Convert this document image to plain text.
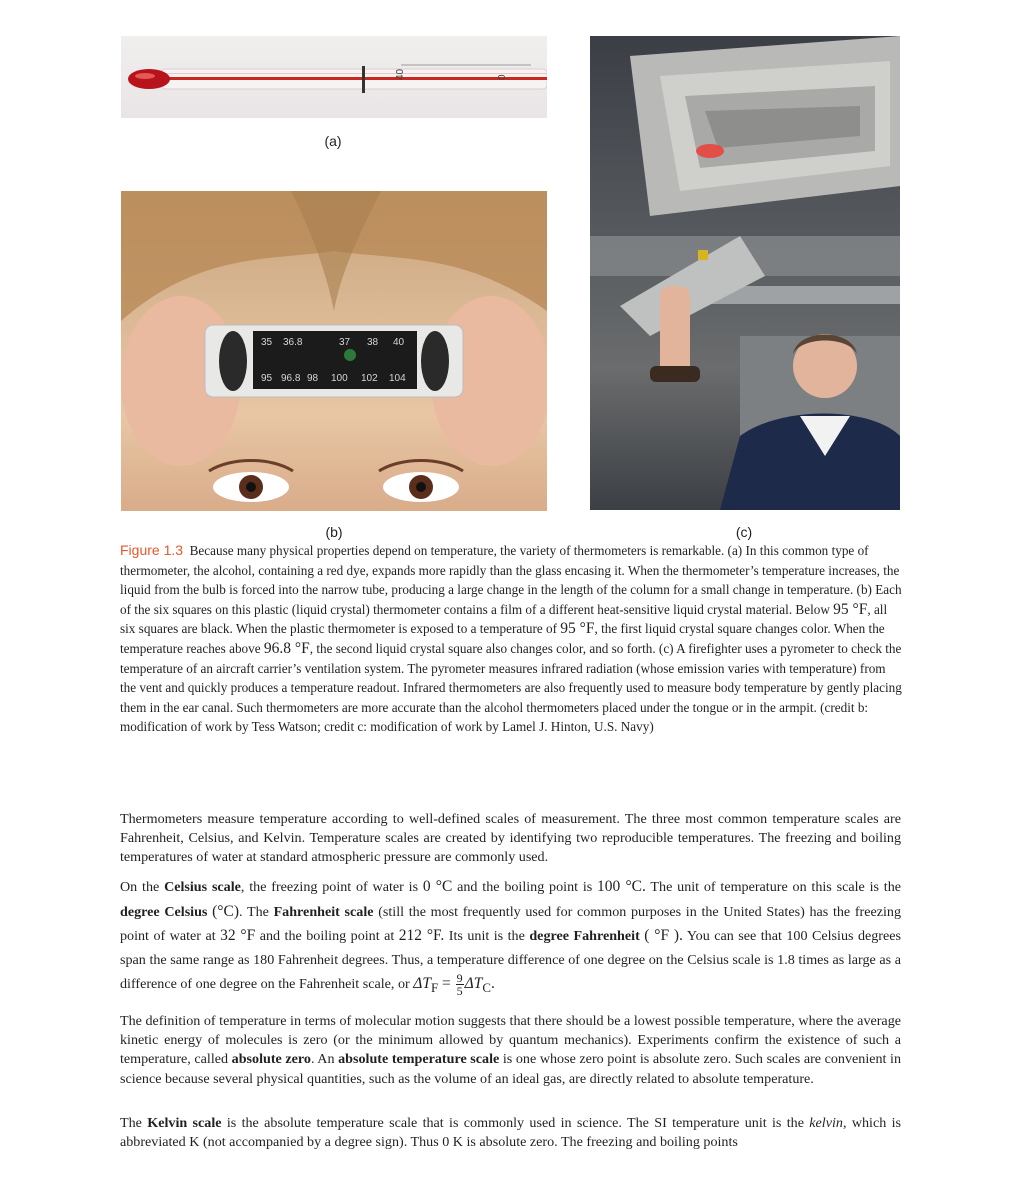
40	0
(a)
35 36.8	37 38 40
95 96.8 98 100 102 104
(b)	(c)
Figure 1.3 Because many physical properties depend on temperature, the variety of thermometers is remarkable. (a) In this common type of thermometer, the alcohol, containing a red dye, expands more rapidly than the glass encasing it. When the thermometer’s temperature increases, the liquid from the bulb is forced into the narrow tube, producing a large change in the length of the column for a small change in temperature. (b) Each of the six squares on this plastic (liquid crystal) thermometer contains a film of a different heat-sensitive liquid crystal material. Below 95 °F, all six squares are black. When the plastic thermometer is exposed to a temperature of 95 °F, the first liquid crystal square changes color. When the temperature reaches above 96.8 °F, the second liquid crystal square also changes color, and so forth. (c) A firefighter uses a pyrometer to check the temperature of an aircraft carrier’s ventilation system. The pyrometer measures infrared radiation (whose emission varies with temperature) from the vent and quickly produces a temperature readout. Infrared thermometers are also frequently used to measure body temperature by gently placing them in the ear canal. Such thermometers are more accurate than the alcohol thermometers placed under the tongue or in the armpit. (credit b: modification of work by Tess Watson; credit c: modification of work by Lamel J. Hinton, U.S. Navy)

Thermometers measure temperature according to well-defined scales of measurement. The three most common temperature scales are Fahrenheit, Celsius, and Kelvin. Temperature scales are created by identifying two reproducible temperatures. The freezing and boiling temperatures of water at standard atmospheric pressure are commonly used.

On the Celsius scale, the freezing point of water is 0 °C and the boiling point is 100 °C. The unit of temperature on this scale is the degree Celsius (°C). The Fahrenheit scale (still the most frequently used for common purposes in the United States) has the freezing point of water at 32 °F and the boiling point at 212 °F. Its unit is the degree Fahrenheit ( °F ). You can see that 100 Celsius degrees span the same range as 180 Fahrenheit degrees. Thus, a temperature difference of one degree on the Celsius scale is 1.8 times as large as a difference of one degree on the Fahrenheit scale, or $\Delta T_F = \frac{9}{5} \Delta T_C$.

The definition of temperature in terms of molecular motion suggests that there should be a lowest possible temperature, where the average kinetic energy of molecules is zero (or the minimum allowed by quantum mechanics). Experiments confirm the existence of such a temperature, called absolute zero. An absolute temperature scale is one whose zero point is absolute zero. Such scales are convenient in science because several physical quantities, such as the volume of an ideal gas, are directly related to absolute temperature.

The Kelvin scale is the absolute temperature scale that is commonly used in science. The SI temperature unit is the kelvin, which is abbreviated K (not accompanied by a degree sign). Thus 0 K is absolute zero. The freezing and boiling points
